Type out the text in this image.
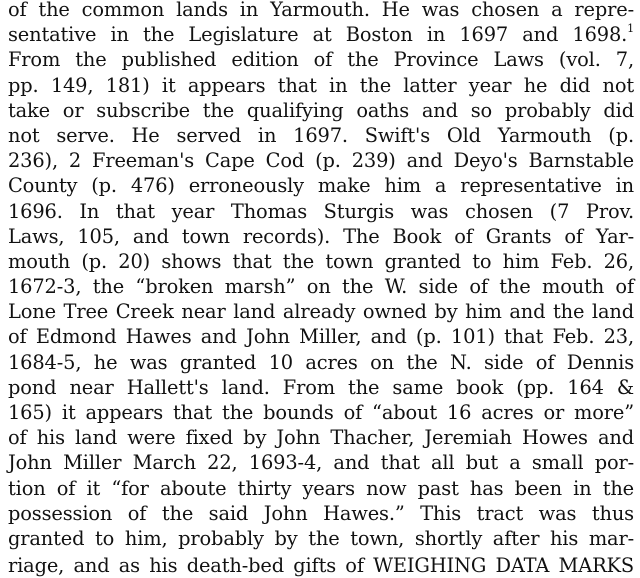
of the common lands in Yarmouth. He was chosen a repre-
sentative in the Legislature at Boston in 1697 and 1698.$^1$
From the published edition of the Province Laws (vol. 7,
pp. 149, 181) it appears that in the latter year he did not
take or subscribe the qualifying oaths and so probably did
not serve. He served in 1697. Swift's Old Yarmouth (p.
236), 2 Freeman's Cape Cod (p. 239) and Deyo's Barnstable
County (p. 476) erroneously make him a representative in
1696. In that year Thomas Sturgis was chosen (7 Prov.
Laws, 105, and town records). The Book of Grants of Yar-
mouth (p. 20) shows that the town granted to him Feb. 26,
1672-3, the “broken marsh” on the W. side of the mouth of
Lone Tree Creek near land already owned by him and the land
of Edmond Hawes and John Miller, and (p. 101) that Feb. 23,
1684-5, he was granted 10 acres on the N. side of Dennis
pond near Hallett's land. From the same book (pp. 164 &
165) it appears that the bounds of “about 16 acres or more”
of his land were fixed by John Thacher, Jeremiah Howes and
John Miller March 22, 1693-4, and that all but a small por-
tion of it “for aboute thirty years now past has been in the
possession of the said John Hawes.” This tract was thus
granted to him, probably by the town, shortly after his mar-
riage, and as his death-bed gifts of WEIGHING DATA MARKS
